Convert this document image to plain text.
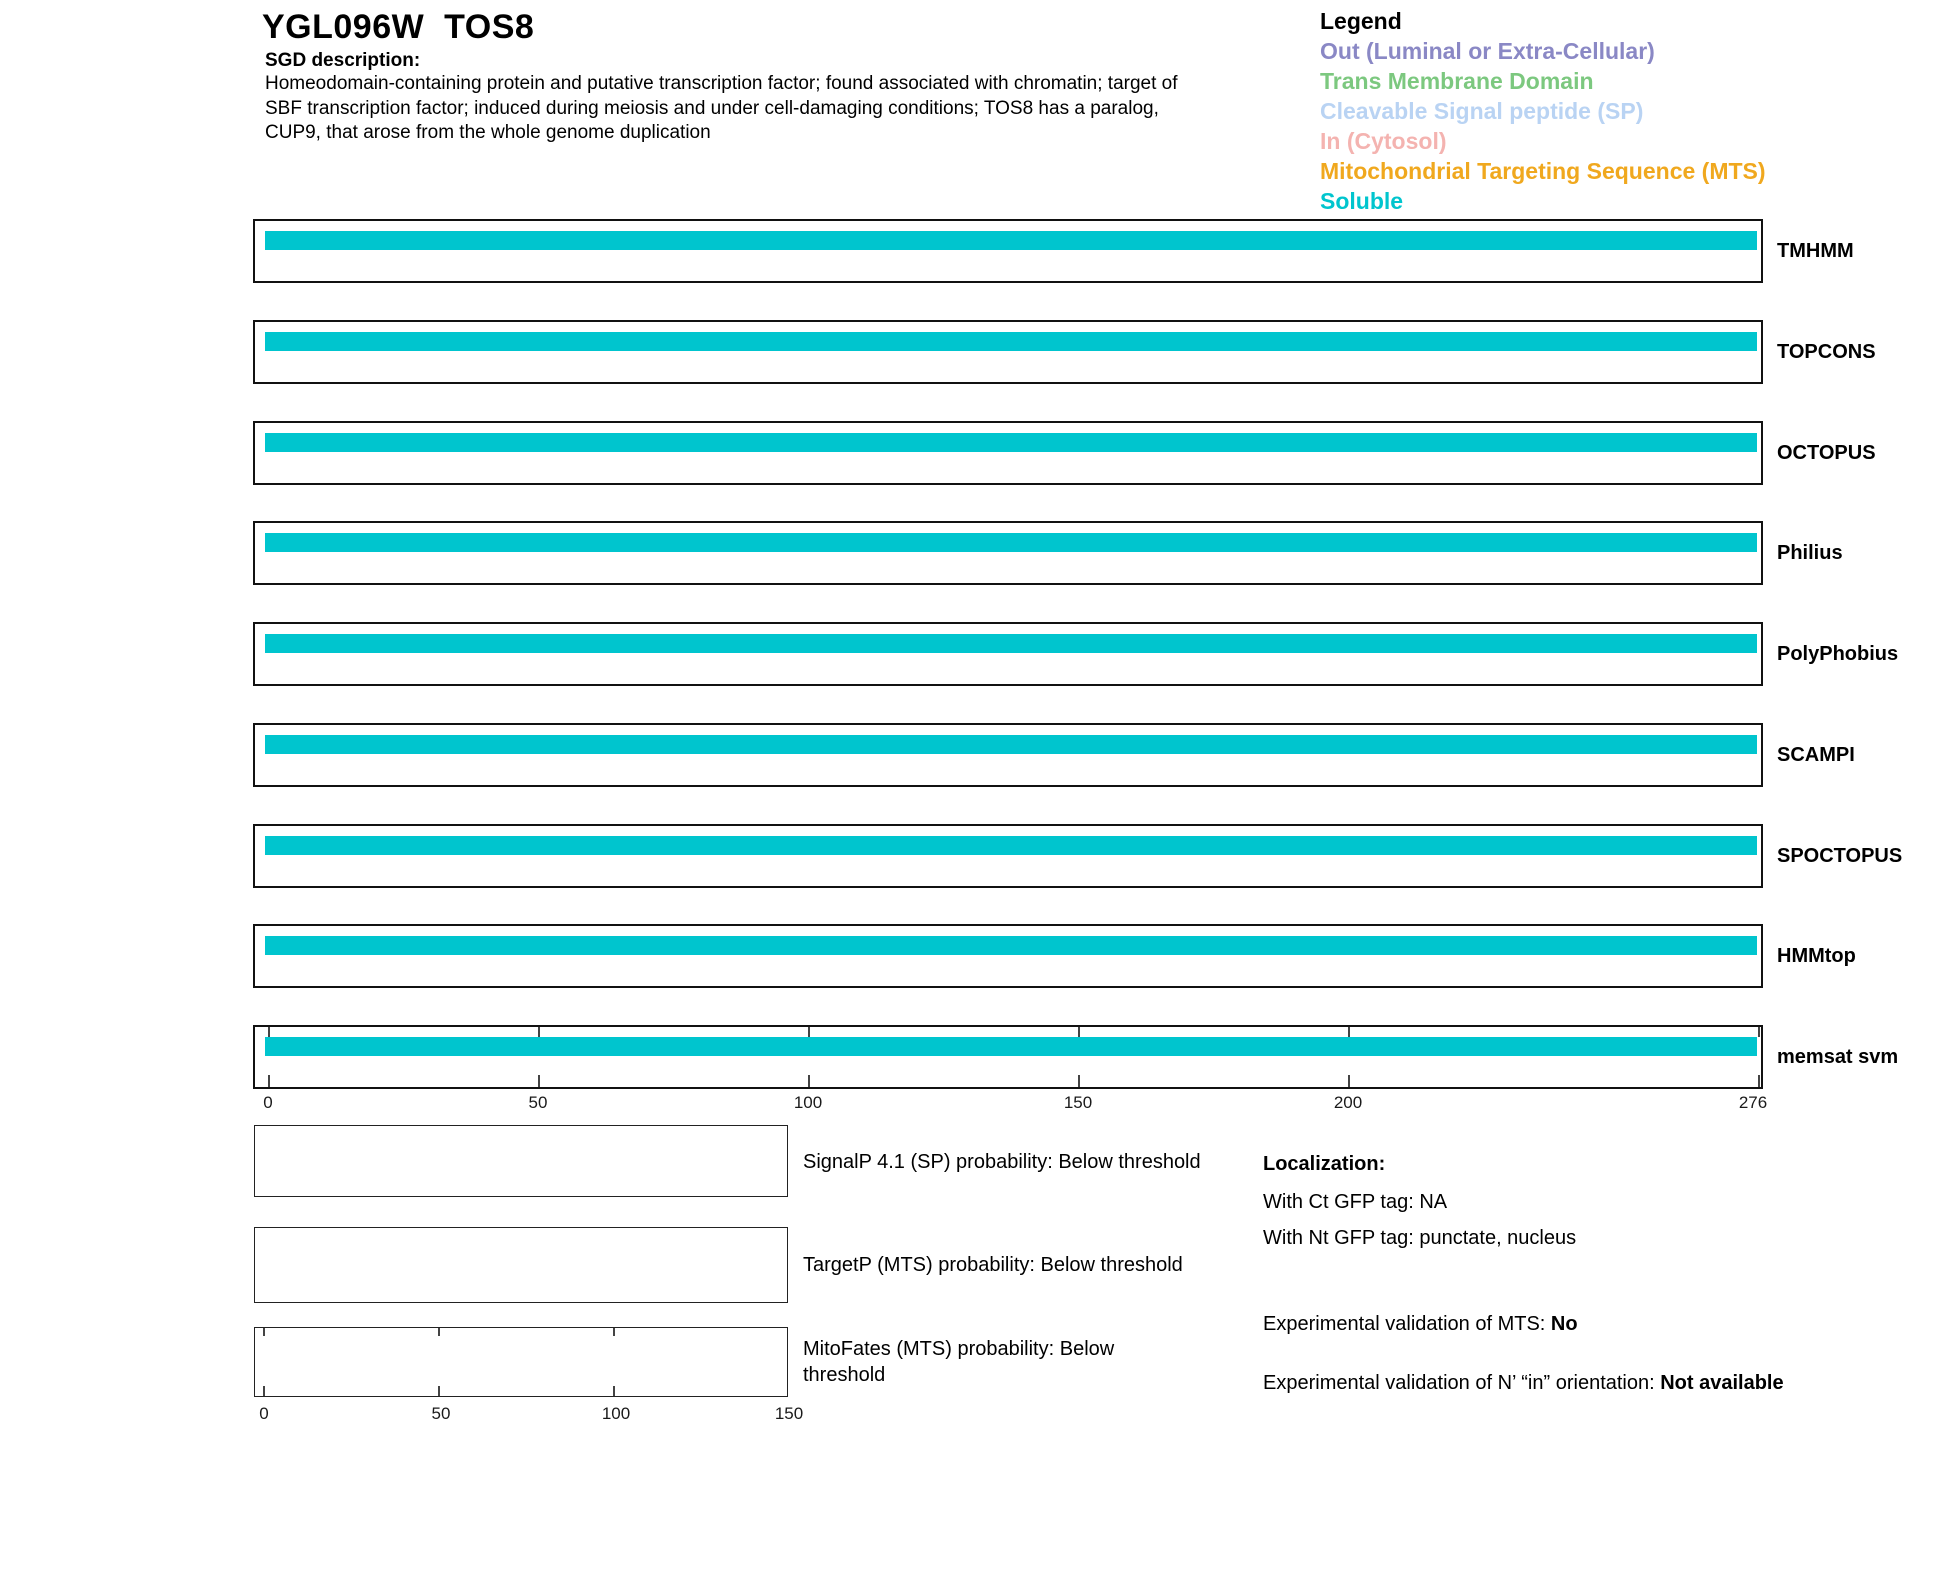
YGL096W  TOS8
SGD description:
Homeodomain-containing protein and putative transcription factor; found associated with chromatin; target of
SBF transcription factor; induced during meiosis and under cell-damaging conditions; TOS8 has a paralog,
CUP9, that arose from the whole genome duplication
Legend
Out (Luminal or Extra-Cellular)
Trans Membrane Domain
Cleavable Signal peptide (SP)
In (Cytosol)
Mitochondrial Targeting Sequence (MTS)
Soluble
TMHMM
TOPCONS
OCTOPUS
Philius
PolyPhobius
SCAMPI
SPOCTOPUS
HMMtop
memsat svm
0	50	100	150	200	276
SignalP 4.1 (SP) probability: Below threshold
TargetP (MTS) probability: Below threshold
MitoFates (MTS) probability: Below
threshold
0	50	100	150
Localization:
With Ct GFP tag: NA
With Nt GFP tag: punctate, nucleus
Experimental validation of MTS: No
Experimental validation of N’ “in” orientation: Not available
